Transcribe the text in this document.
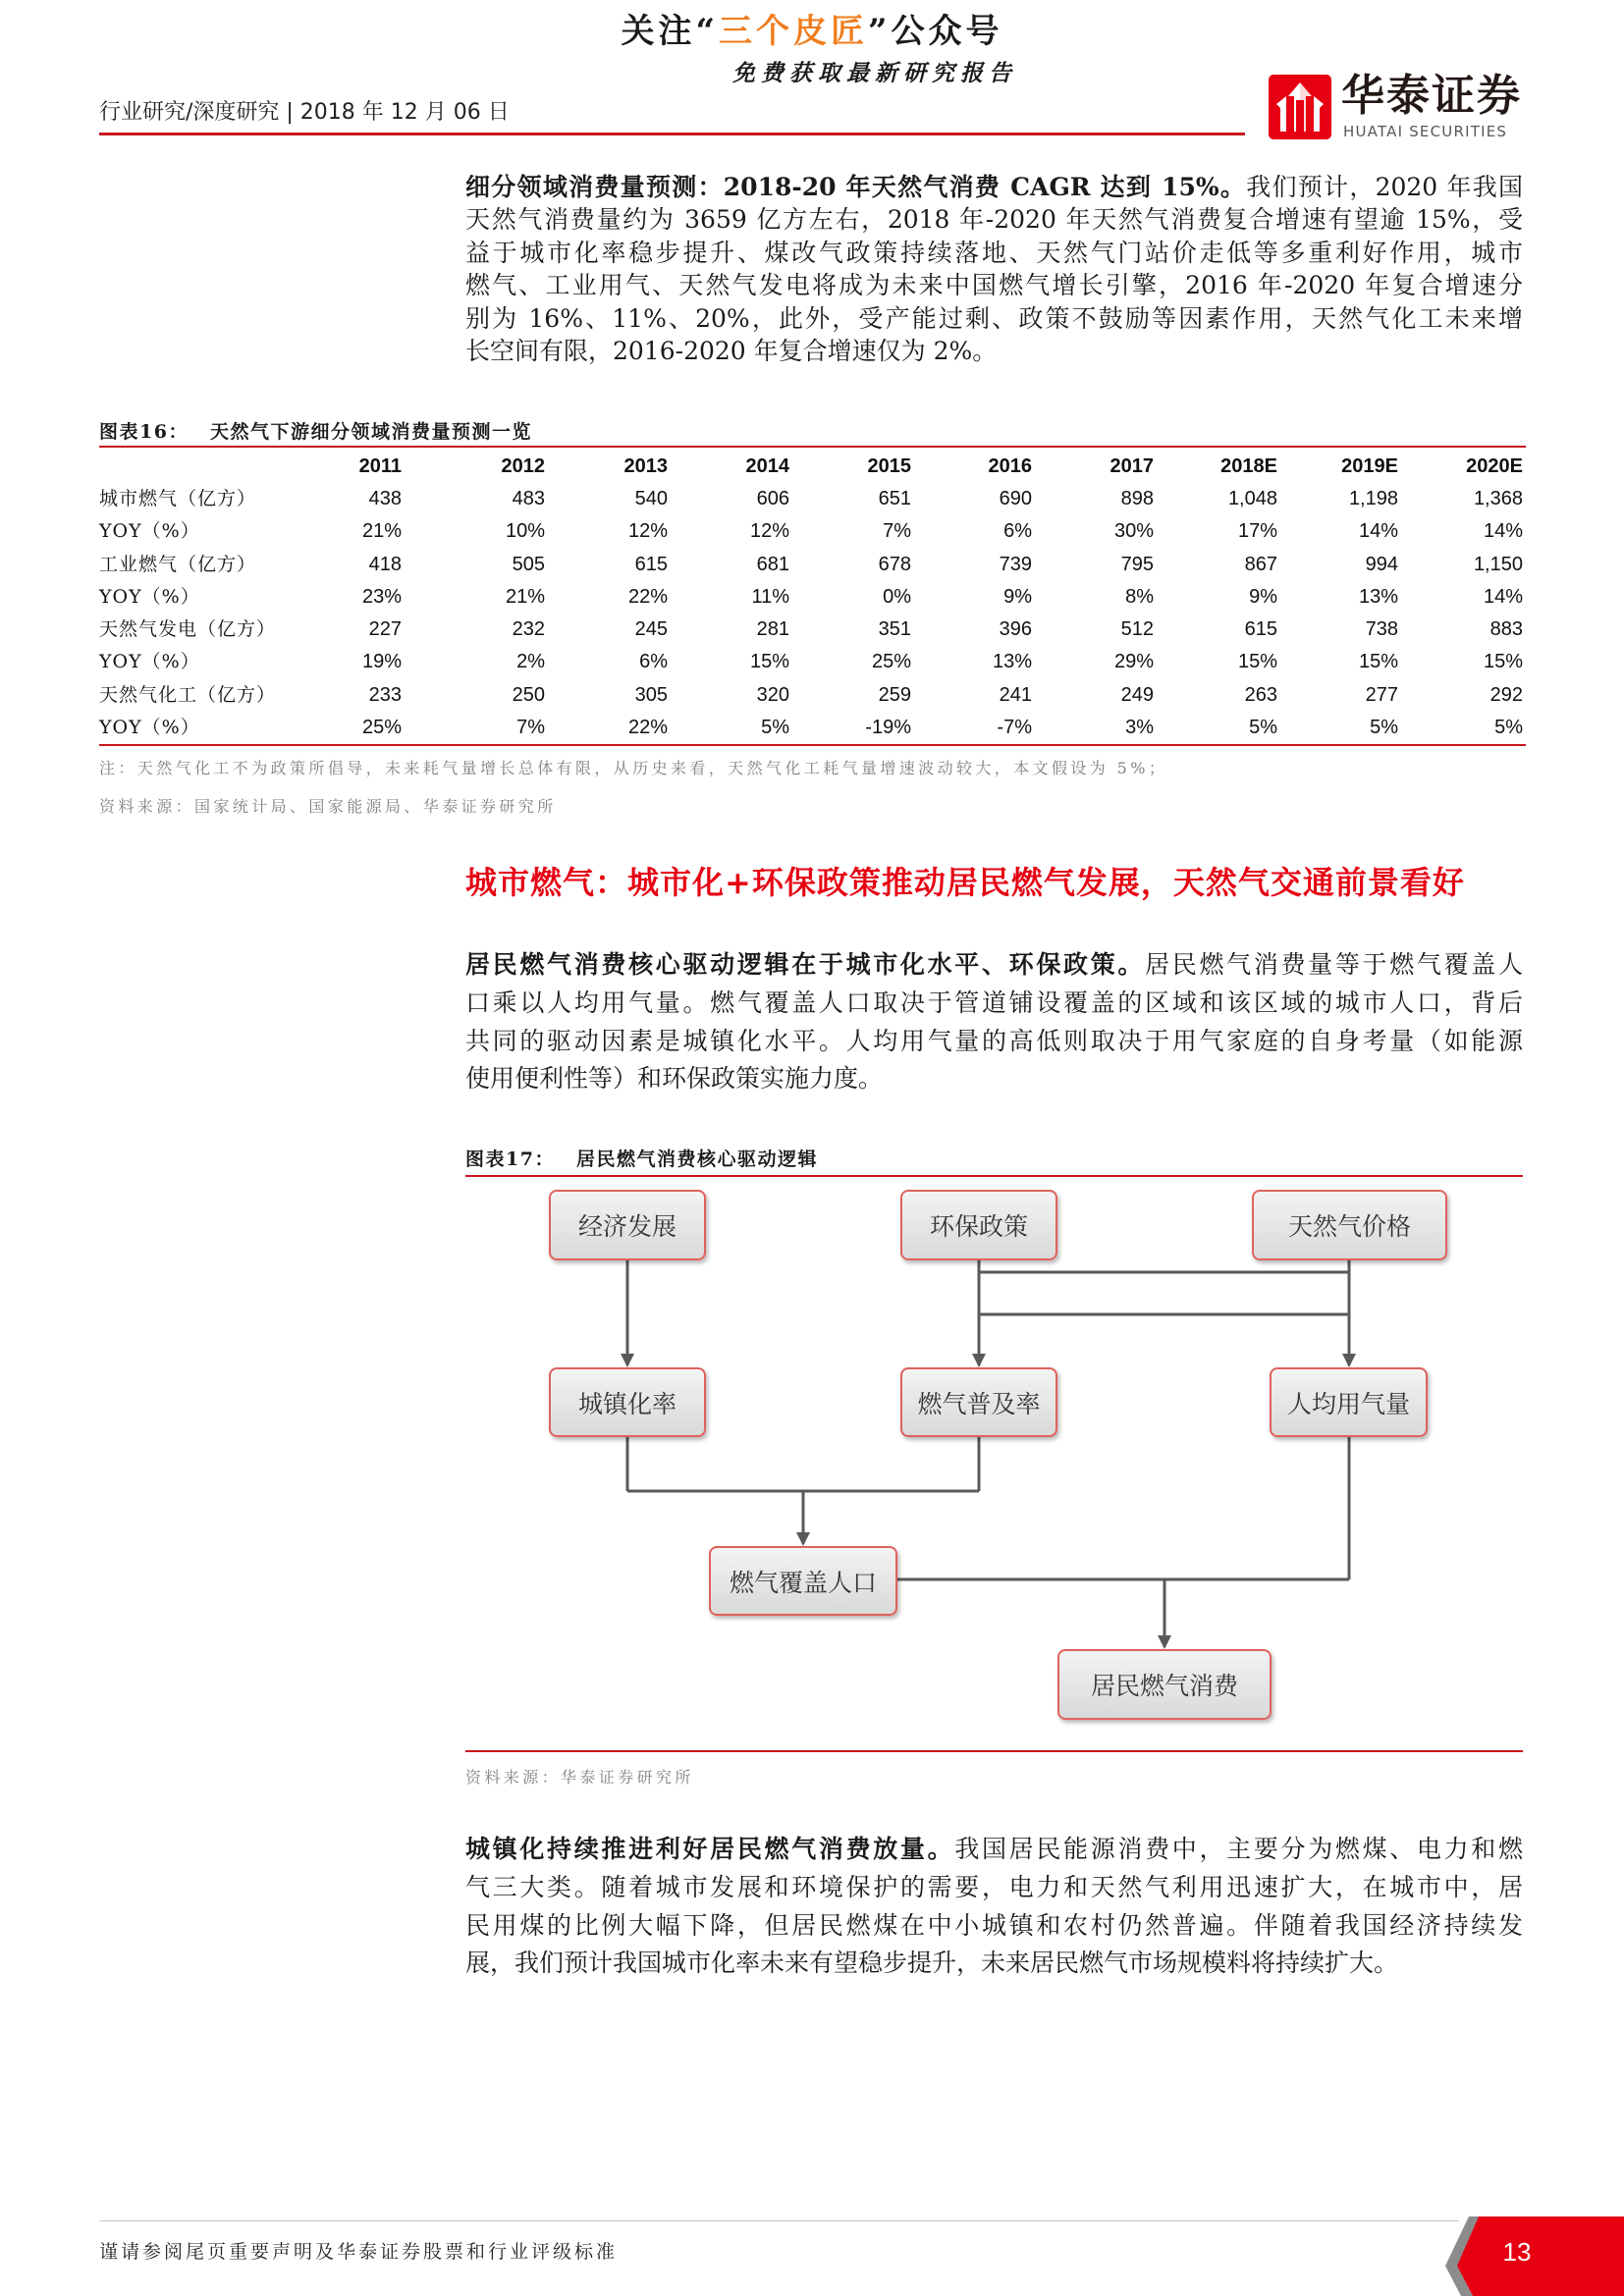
关注“三个皮匠”公众号
免费获取最新研究报告
行业研究/深度研究 | 2018 年 12 月 06 日	华泰证券
HUATAI SECURITIES
细分领域消费量预测：2018-20 年天然气消费 CAGR 达到 15%。我们预计，2020 年我国
天然气消费量约为 3659 亿方左右，2018 年-2020 年天然气消费复合增速有望逾 15%，受
益于城市化率稳步提升、煤改气政策持续落地、天然气门站价走低等多重利好作用，城市
燃气、工业用气、天然气发电将成为未来中国燃气增长引擎，2016 年-2020 年复合增速分
别为 16%、11%、20%，此外，受产能过剩、政策不鼓励等因素作用，天然气化工未来增
长空间有限，2016-2020 年复合增速仅为 2%。
图表16： 天然气下游细分领域消费量预测一览
	2011	2012	2013	2014	2015	2016	2017	2018E	2019E	2020E
城市燃气（亿方）	438	483	540	606	651	690	898	1,048	1,198	1,368
YOY（%）	21%	10%	12%	12%	7%	6%	30%	17%	14%	14%
工业燃气（亿方）	418	505	615	681	678	739	795	867	994	1,150
YOY（%）	23%	21%	22%	11%	0%	9%	8%	9%	13%	14%
天然气发电（亿方）	227	232	245	281	351	396	512	615	738	883
YOY（%）	19%	2%	6%	15%	25%	13%	29%	15%	15%	15%
天然气化工（亿方）	233	250	305	320	259	241	249	263	277	292
YOY（%）	25%	7%	22%	5%	-19%	-7%	3%	5%	5%	5%
注：天然气化工不为政策所倡导，未来耗气量增长总体有限，从历史来看，天然气化工耗气量增速波动较大，本文假设为 5%；
资料来源：国家统计局、国家能源局、华泰证券研究所
城市燃气：城市化+环保政策推动居民燃气发展，天然气交通前景看好
居民燃气消费核心驱动逻辑在于城市化水平、环保政策。居民燃气消费量等于燃气覆盖人
口乘以人均用气量。燃气覆盖人口取决于管道铺设覆盖的区域和该区域的城市人口，背后
共同的驱动因素是城镇化水平。人均用气量的高低则取决于用气家庭的自身考量（如能源
使用便利性等）和环保政策实施力度。
图表17： 居民燃气消费核心驱动逻辑
经济发展	环保政策	天然气价格
城镇化率	燃气普及率	人均用气量
燃气覆盖人口
居民燃气消费
资料来源：华泰证券研究所
城镇化持续推进利好居民燃气消费放量。我国居民能源消费中，主要分为燃煤、电力和燃
气三大类。随着城市发展和环境保护的需要，电力和天然气利用迅速扩大，在城市中，居
民用煤的比例大幅下降，但居民燃煤在中小城镇和农村仍然普遍。伴随着我国经济持续发
展，我们预计我国城市化率未来有望稳步提升，未来居民燃气市场规模料将持续扩大。
谨请参阅尾页重要声明及华泰证券股票和行业评级标准	13
